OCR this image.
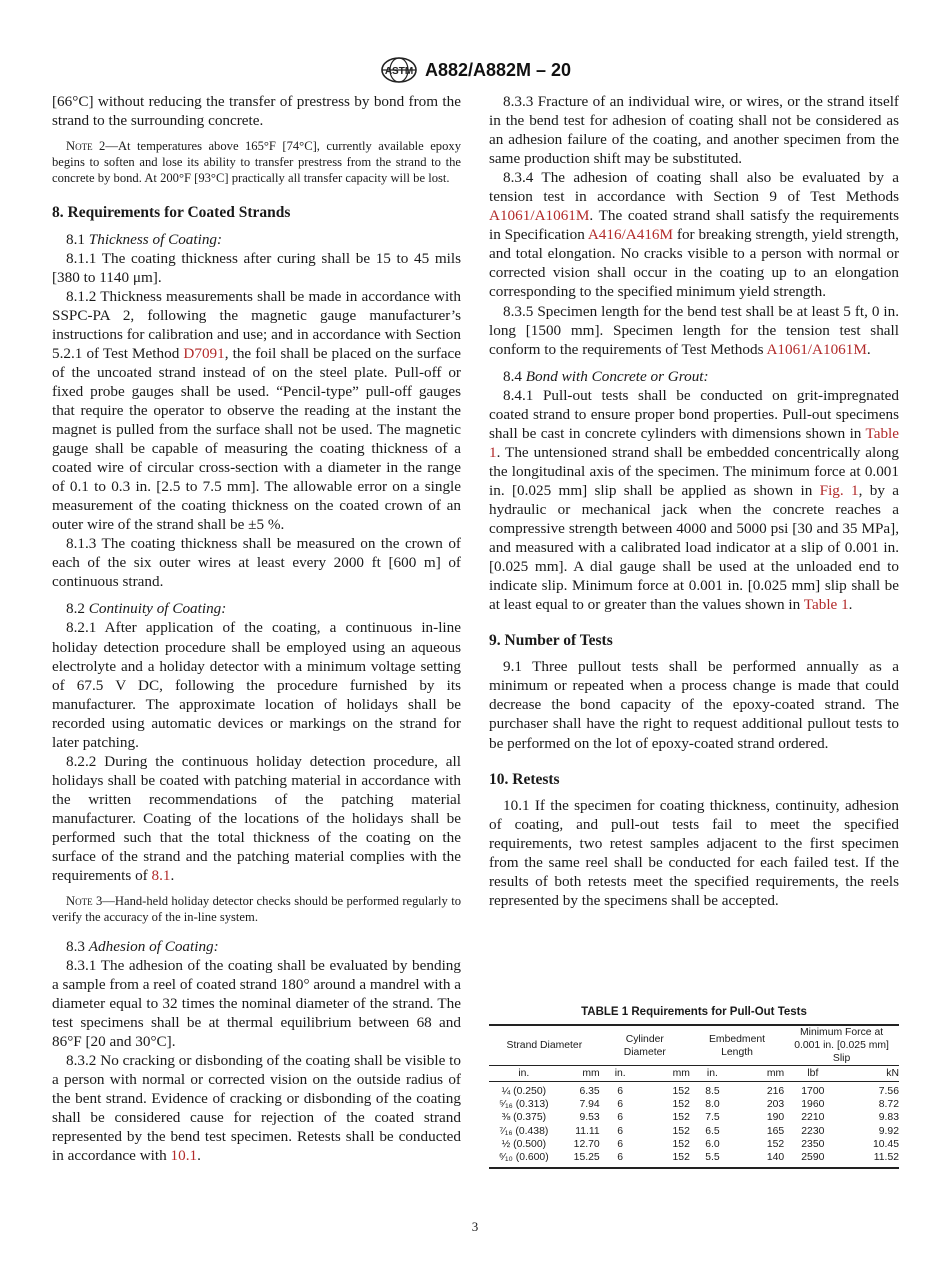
ASTM A882/A882M – 20

[66°C] without reducing the transfer of prestress by bond from the strand to the surrounding concrete.

Note 2—At temperatures above 165°F [74°C], currently available epoxy begins to soften and lose its ability to transfer prestress from the strand to the concrete by bond. At 200°F [93°C] practically all transfer capacity will be lost.

8. Requirements for Coated Strands

8.1 Thickness of Coating:

8.1.1 The coating thickness after curing shall be 15 to 45 mils [380 to 1140 μm].

8.1.2 Thickness measurements shall be made in accordance with SSPC-PA 2, following the magnetic gauge manufacturer’s instructions for calibration and use; and in accordance with Section 5.2.1 of Test Method D7091, the foil shall be placed on the surface of the uncoated strand instead of on the steel plate. Pull-off or fixed probe gauges shall be used. “Pencil-type” pull-off gauges that require the operator to observe the reading at the instant the magnet is pulled from the surface shall not be used. The magnetic gauge shall be capable of measuring the coating thickness of a coated wire of circular cross-section with a diameter in the range of 0.1 to 0.3 in. [2.5 to 7.5 mm]. The allowable error on a single measurement of the coating thickness on the coated crown of an outer wire of the strand shall be ±5 %.

8.1.3 The coating thickness shall be measured on the crown of each of the six outer wires at least every 2000 ft [600 m] of continuous strand.

8.2 Continuity of Coating:

8.2.1 After application of the coating, a continuous in-line holiday detection procedure shall be employed using an aqueous electrolyte and a holiday detector with a minimum voltage setting of 67.5 V DC, following the procedure furnished by its manufacturer. The approximate location of holidays shall be recorded using automatic devices or markings on the strand for later patching.

8.2.2 During the continuous holiday detection procedure, all holidays shall be coated with patching material in accordance with the written recommendations of the patching material manufacturer. Coating of the locations of the holidays shall be performed such that the total thickness of the coating on the surface of the strand and the patching material complies with the requirements of 8.1.

Note 3—Hand-held holiday detector checks should be performed regularly to verify the accuracy of the in-line system.

8.3 Adhesion of Coating:

8.3.1 The adhesion of the coating shall be evaluated by bending a sample from a reel of coated strand 180° around a mandrel with a diameter equal to 32 times the nominal diameter of the strand. The test specimens shall be at thermal equilibrium between 68 and 86°F [20 and 30°C].

8.3.2 No cracking or disbonding of the coating shall be visible to a person with normal or corrected vision on the outside radius of the bent strand. Evidence of cracking or disbonding of the coating shall be considered cause for rejection of the coated strand represented by the bend test specimen. Retests shall be conducted in accordance with 10.1.

8.3.3 Fracture of an individual wire, or wires, or the strand itself in the bend test for adhesion of coating shall not be considered as an adhesion failure of the coating, and another specimen from the same production shift may be substituted.

8.3.4 The adhesion of coating shall also be evaluated by a tension test in accordance with Section 9 of Test Methods A1061/A1061M. The coated strand shall satisfy the requirements in Specification A416/A416M for breaking strength, yield strength, and total elongation. No cracks visible to a person with normal or corrected vision shall occur in the coating up to an elongation corresponding to the specified minimum yield strength.

8.3.5 Specimen length for the bend test shall be at least 5 ft, 0 in. long [1500 mm]. Specimen length for the tension test shall conform to the requirements of Test Methods A1061/A1061M.

8.4 Bond with Concrete or Grout:

8.4.1 Pull-out tests shall be conducted on grit-impregnated coated strand to ensure proper bond properties. Pull-out specimens shall be cast in concrete cylinders with dimensions shown in Table 1. The untensioned strand shall be embedded concentrically along the longitudinal axis of the specimen. The minimum force at 0.001 in. [0.025 mm] slip shall be applied as shown in Fig. 1, by a hydraulic or mechanical jack when the concrete reaches a compressive strength between 4000 and 5000 psi [30 and 35 MPa], and measured with a calibrated load indicator at a slip of 0.001 in. [0.025 mm]. A dial gauge shall be used at the unloaded end to indicate slip. Minimum force at 0.001 in. [0.025 mm] slip shall be at least equal to or greater than the values shown in Table 1.

9. Number of Tests

9.1 Three pullout tests shall be performed annually as a minimum or repeated when a process change is made that could decrease the bond capacity of the epoxy-coated strand. The purchaser shall have the right to request additional pullout tests to be performed on the lot of epoxy-coated strand ordered.

10. Retests

10.1 If the specimen for coating thickness, continuity, adhesion of coating, and pull-out tests fail to meet the specified requirements, two retest samples adjacent to the first specimen from the same reel shall be conducted for each failed test. If the results of both retests meet the specified requirements, the reels represented by the specimens shall be accepted.

TABLE 1 Requirements for Pull-Out Tests
Strand Diameter		Cylinder Diameter		Embedment Length		Minimum Force at 0.001 in. [0.025 mm] Slip	
in.	mm	in.	mm	in.	mm	lbf	kN
¼ (0.250)	6.35	6	152	8.5	216	1700	7.56
⁵⁄₁₆ (0.313)	7.94	6	152	8.0	203	1960	8.72
⅜ (0.375)	9.53	6	152	7.5	190	2210	9.83
⁷⁄₁₆ (0.438)	11.11	6	152	6.5	165	2230	9.92
½ (0.500)	12.70	6	152	6.0	152	2350	10.45
⁶⁄₁₀ (0.600)	15.25	6	152	5.5	140	2590	11.52
3
